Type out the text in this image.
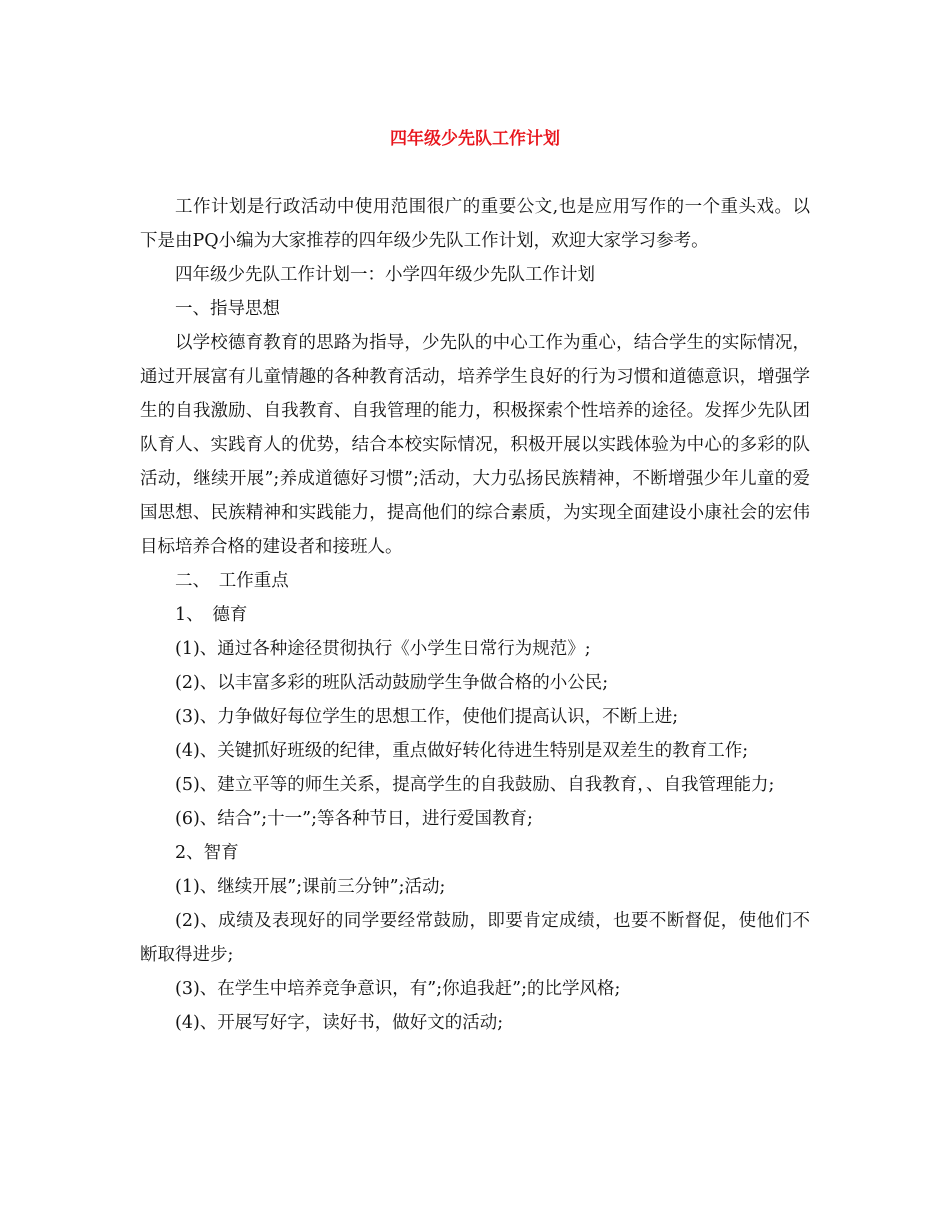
四年级少先队工作计划

工作计划是行政活动中使用范围很广的重要公文,也是应用写作的一个重头戏。以下是由PQ小编为大家推荐的四年级少先队工作计划，欢迎大家学习参考。

四年级少先队工作计划一：小学四年级少先队工作计划

一、指导思想

以学校德育教育的思路为指导，少先队的中心工作为重心，结合学生的实际情况，通过开展富有儿童情趣的各种教育活动，培养学生良好的行为习惯和道德意识，增强学生的自我激励、自我教育、自我管理的能力，积极探索个性培养的途径。发挥少先队团队育人、实践育人的优势，结合本校实际情况，积极开展以实践体验为中心的多彩的队活动，继续开展”;养成道德好习惯”;活动，大力弘扬民族精神，不断增强少年儿童的爱国思想、民族精神和实践能力，提高他们的综合素质，为实现全面建设小康社会的宏伟目标培养合格的建设者和接班人。

二、　工作重点

1、　德育

(1)、通过各种途径贯彻执行《小学生日常行为规范》;

(2)、以丰富多彩的班队活动鼓励学生争做合格的小公民;

(3)、力争做好每位学生的思想工作，使他们提高认识，不断上进;

(4)、关键抓好班级的纪律，重点做好转化待进生特别是双差生的教育工作;

(5)、建立平等的师生关系，提高学生的自我鼓励、自我教育，、自我管理能力;

(6)、结合”;十一”;等各种节日，进行爱国教育;

2、智育

(1)、继续开展”;课前三分钟”;活动;

(2)、成绩及表现好的同学要经常鼓励，即要肯定成绩，也要不断督促，使他们不断取得进步;

(3)、在学生中培养竞争意识，有”;你追我赶”;的比学风格;

(4)、开展写好字，读好书，做好文的活动;
